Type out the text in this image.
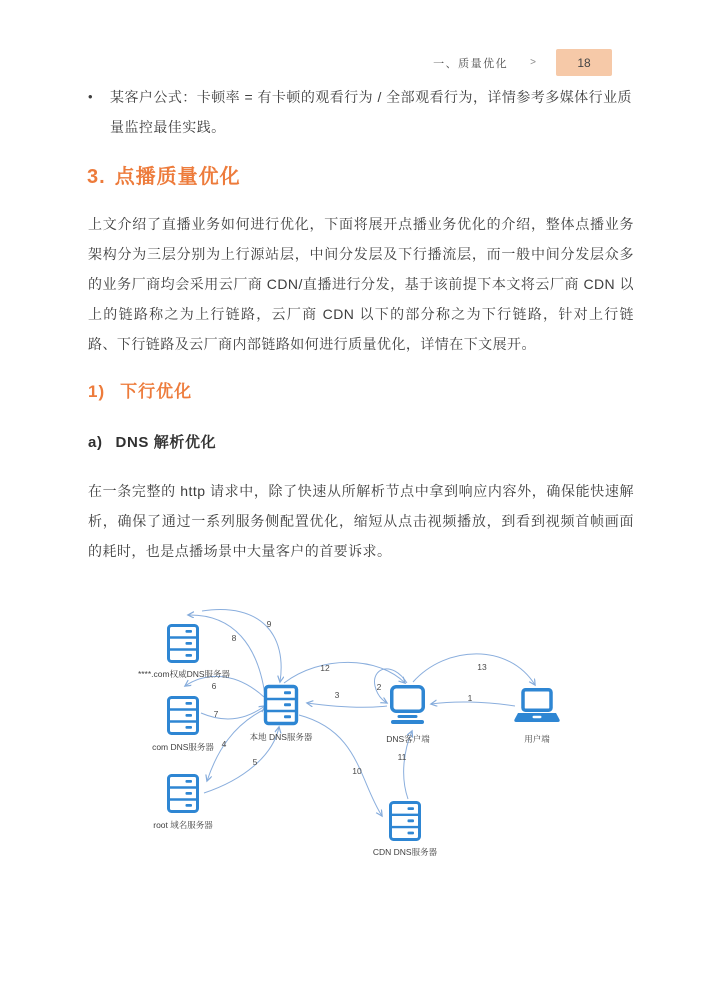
一、质量优化 >	18
•	某客户公式：卡顿率 = 有卡顿的观看行为 / 全部观看行为，详情参考多媒体行业质量监控最佳实践。
3. 点播质量优化
上文介绍了直播业务如何进行优化，下面将展开点播业务优化的介绍，整体点播业务架构分为三层分别为上行源站层，中间分发层及下行播流层，而一般中间分发层众多的业务厂商均会采用云厂商 CDN/直播进行分发，基于该前提下本文将云厂商 CDN 以上的链路称之为上行链路，云厂商 CDN 以下的部分称之为下行链路，针对上行链路、下行链路及云厂商内部链路如何进行质量优化，详情在下文展开。
1) 下行优化
a) DNS 解析优化
在一条完整的 http 请求中，除了快速从所解析节点中拿到响应内容外，确保能快速解析，确保了通过一系列服务侧配置优化，缩短从点击视频播放，到看到视频首帧画面的耗时，也是点播场景中大量客户的首要诉求。
1
2
3
4
5
6
7
8
9
10
11
12	13
****.com权威DNS服务器
com DNS服务器
root 域名服务器
本地 DNS服务器	DNS客户端	用户端
CDN DNS服务器
